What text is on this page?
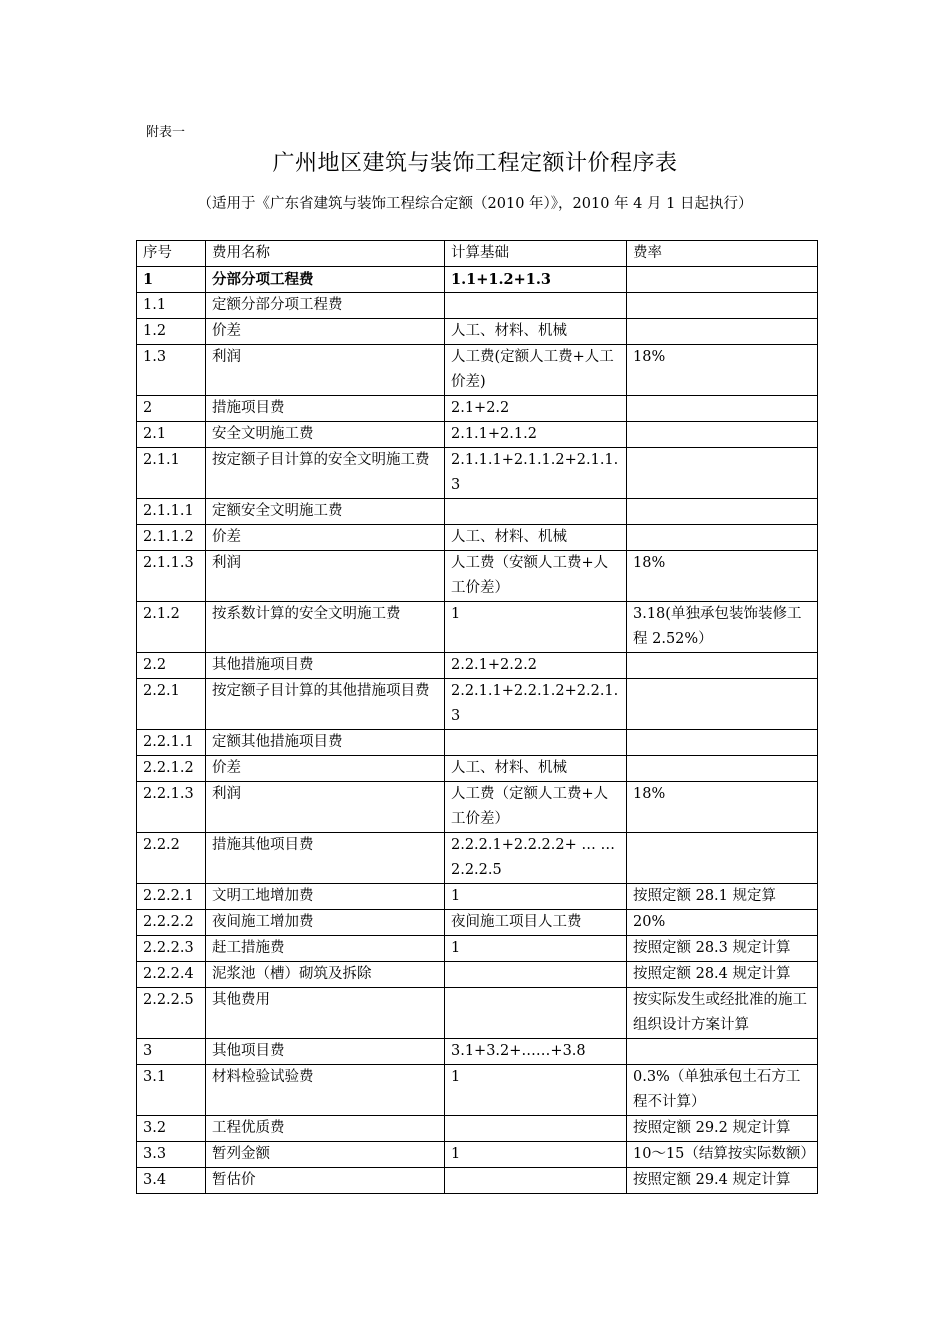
附表一
广州地区建筑与装饰工程定额计价程序表
（适用于《广东省建筑与装饰工程综合定额（2010 年）》，2010 年 4 月 1 日起执行）
序号	费用名称	计算基础	费率
1	分部分项工程费	1.1+1.2+1.3	
1.1	定额分部分项工程费		
1.2	价差	人工、材料、机械	
1.3	利润	人工费(定额人工费+人工价差)	18%
2	措施项目费	2.1+2.2	
2.1	安全文明施工费	2.1.1+2.1.2	
2.1.1	按定额子目计算的安全文明施工费	2.1.1.1+2.1.1.2+2.1.1.3	
2.1.1.1	定额安全文明施工费		
2.1.1.2	价差	人工、材料、机械	
2.1.1.3	利润	人工费（安额人工费+人工价差）	18%
2.1.2	按系数计算的安全文明施工费	1	3.18(单独承包装饰装修工程 2.52%）
2.2	其他措施项目费	2.2.1+2.2.2	
2.2.1	按定额子目计算的其他措施项目费	2.2.1.1+2.2.1.2+2.2.1.3	
2.2.1.1	定额其他措施项目费		
2.2.1.2	价差	人工、材料、机械	
2.2.1.3	利润	人工费（定额人工费+人工价差）	18%
2.2.2	措施其他项目费	2.2.2.1+2.2.2.2+ … …2.2.2.5	
2.2.2.1	文明工地增加费	1	按照定额 28.1 规定算
2.2.2.2	夜间施工增加费	夜间施工项目人工费	20%
2.2.2.3	赶工措施费	1	按照定额 28.3 规定计算
2.2.2.4	泥浆池（槽）砌筑及拆除		按照定额 28.4 规定计算
2.2.2.5	其他费用		按实际发生或经批准的施工组织设计方案计算
3	其他项目费	3.1+3.2+……+3.8	
3.1	材料检验试验费	1	0.3%（单独承包土石方工程不计算）
3.2	工程优质费		按照定额 29.2 规定计算
3.3	暂列金额	1	10～15（结算按实际数额）
3.4	暂估价		按照定额 29.4 规定计算
